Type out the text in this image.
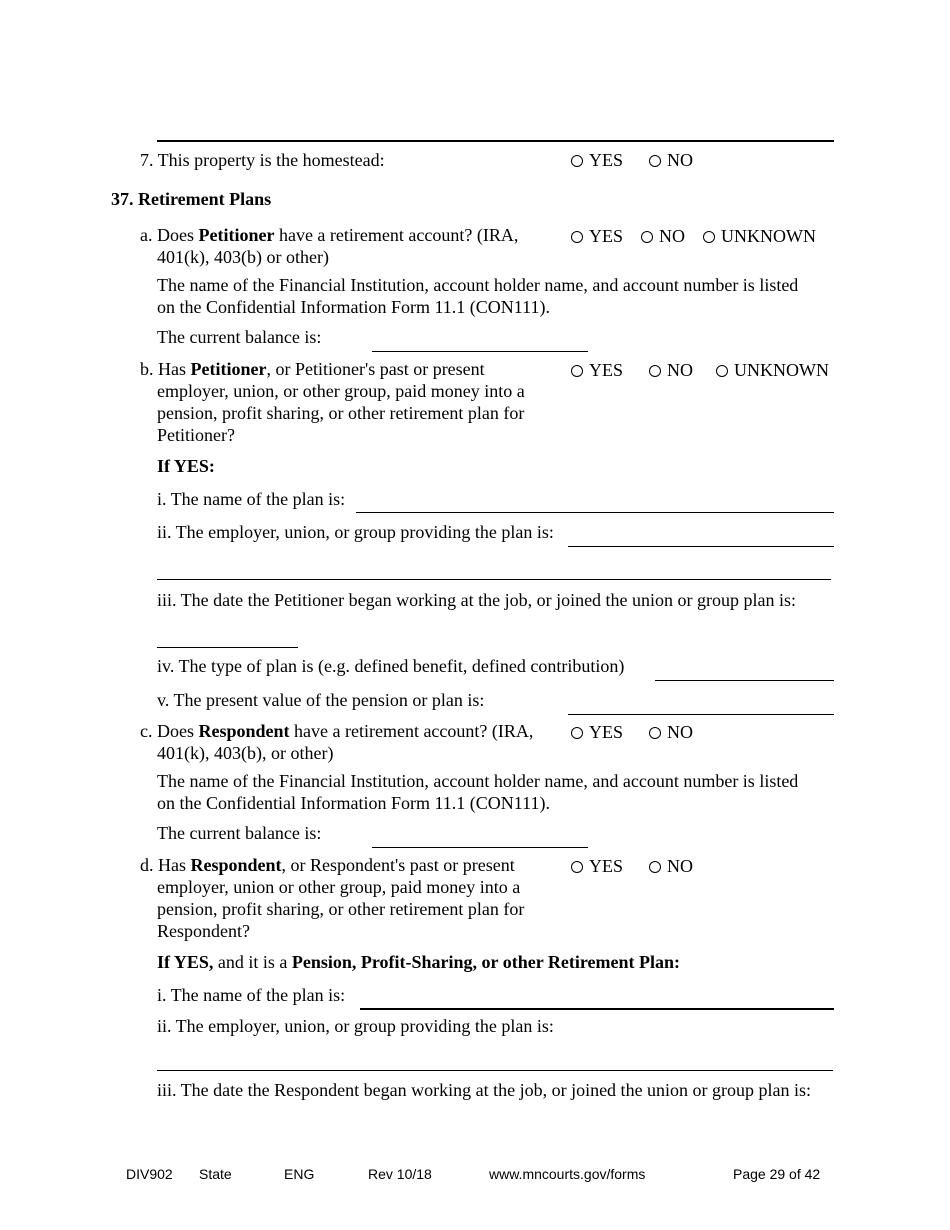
7. This property is the homestead:	YES NO
37. Retirement Plans
a. Does Petitioner have a retirement account? (IRA,
401(k), 403(b) or other)
YES NO UNKNOWN
The name of the Financial Institution, account holder name, and account number is listed
on the Confidential Information Form 11.1 (CON111).
The current balance is:
b. Has Petitioner, or Petitioner's past or present
employer, union, or other group, paid money into a
pension, profit sharing, or other retirement plan for
Petitioner?
YES NO UNKNOWN
If YES:
i. The name of the plan is:
ii. The employer, union, or group providing the plan is:
iii. The date the Petitioner began working at the job, or joined the union or group plan is:
iv. The type of plan is (e.g. defined benefit, defined contribution)
v. The present value of the pension or plan is:
c. Does Respondent have a retirement account? (IRA,
401(k), 403(b), or other)
YES NO
The name of the Financial Institution, account holder name, and account number is listed
on the Confidential Information Form 11.1 (CON111).
The current balance is:
d. Has Respondent, or Respondent's past or present
employer, union or other group, paid money into a
pension, profit sharing, or other retirement plan for
Respondent?
YES NO
If YES, and it is a Pension, Profit-Sharing, or other Retirement Plan:
i. The name of the plan is:
ii. The employer, union, or group providing the plan is:
iii. The date the Respondent began working at the job, or joined the union or group plan is:
DIV902 State	ENG	Rev 10/18	www.mncourts.gov/forms	Page 29 of 42
